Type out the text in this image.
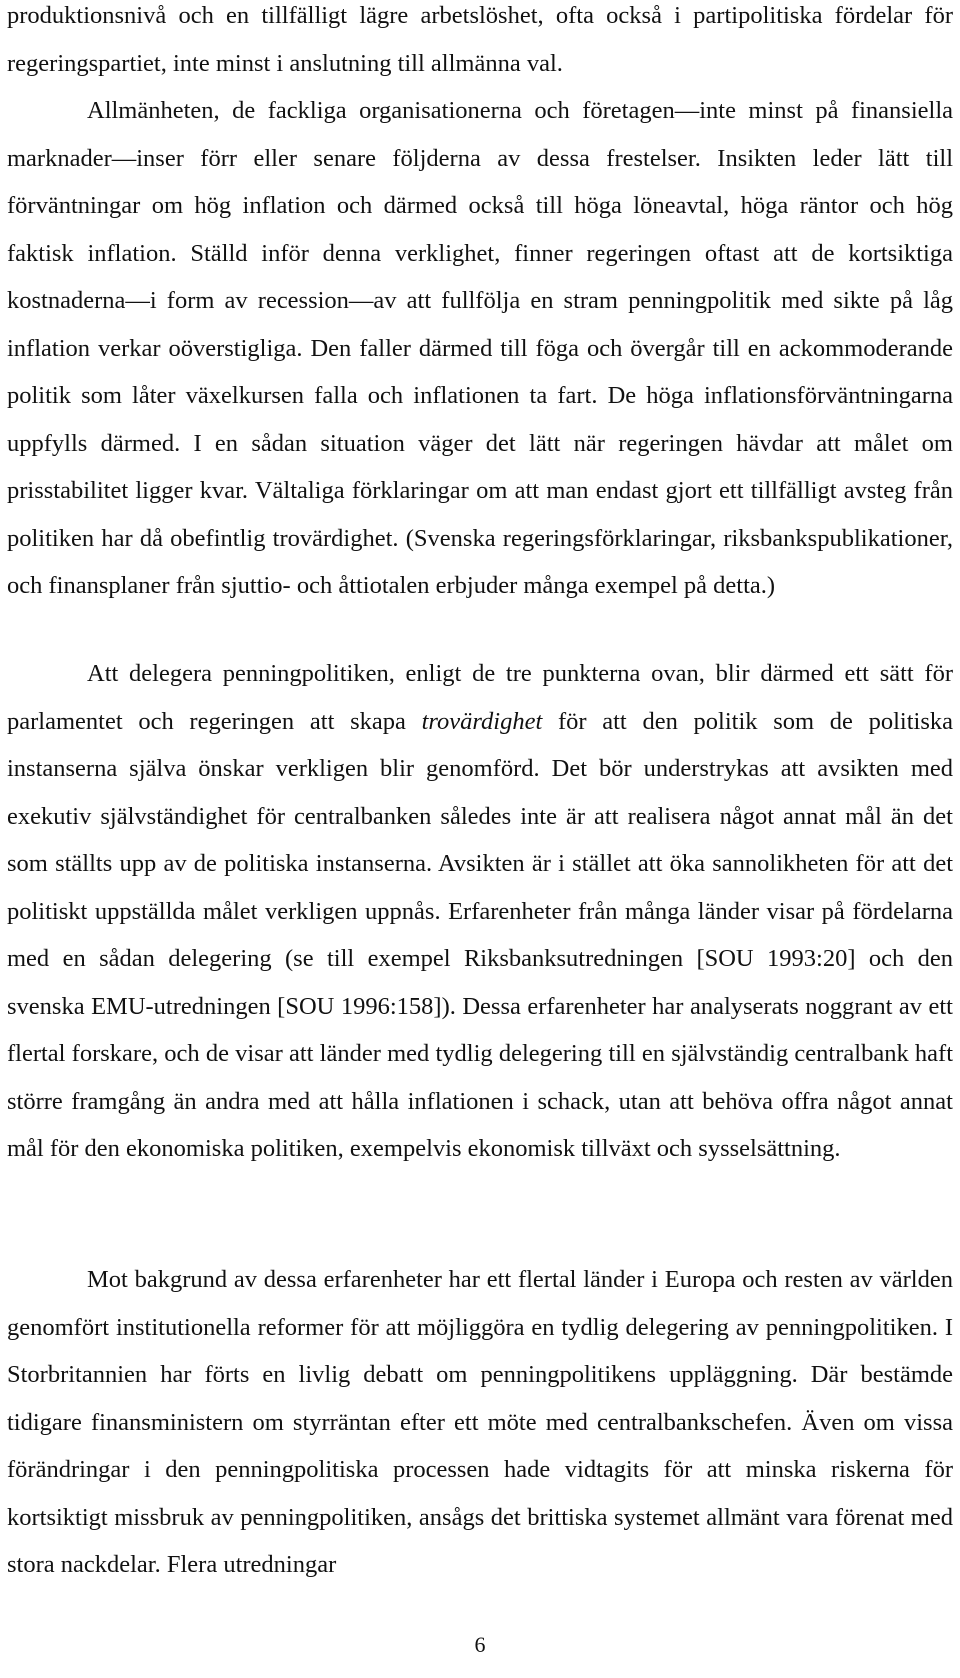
produktionsnivå och en tillfälligt lägre arbetslöshet, ofta också i partipolitiska fördelar för regeringspartiet, inte minst i anslutning till allmänna val.

Allmänheten, de fackliga organisationerna och företagen—inte minst på finansiella marknader—inser förr eller senare följderna av dessa frestelser. Insikten leder lätt till förväntningar om hög inflation och därmed också till höga löneavtal, höga räntor och hög faktisk inflation. Ställd inför denna verklighet, finner regeringen oftast att de kortsiktiga kostnaderna—i form av recession—av att fullfölja en stram penningpolitik med sikte på låg inflation verkar oöverstigliga. Den faller därmed till föga och övergår till en ackommoderande politik som låter växelkursen falla och inflationen ta fart. De höga inflationsförväntningarna uppfylls därmed. I en sådan situation väger det lätt när regeringen hävdar att målet om prisstabilitet ligger kvar. Vältaliga förklaringar om att man endast gjort ett tillfälligt avsteg från politiken har då obefintlig trovärdighet. (Svenska regeringsförklaringar, riksbankspublikationer, och finansplaner från sjuttio- och åttiotalen erbjuder många exempel på detta.)

Att delegera penningpolitiken, enligt de tre punkterna ovan, blir därmed ett sätt för parlamentet och regeringen att skapa trovärdighet för att den politik som de politiska instanserna själva önskar verkligen blir genomförd. Det bör understrykas att avsikten med exekutiv självständighet för centralbanken således inte är att realisera något annat mål än det som ställts upp av de politiska instanserna. Avsikten är i stället att öka sannolikheten för att det politiskt uppställda målet verkligen uppnås. Erfarenheter från många länder visar på fördelarna med en sådan delegering (se till exempel Riksbanksutredningen [SOU 1993:20] och den svenska EMU-utredningen [SOU 1996:158]). Dessa erfarenheter har analyserats noggrant av ett flertal forskare, och de visar att länder med tydlig delegering till en självständig centralbank haft större framgång än andra med att hålla inflationen i schack, utan att behöva offra något annat mål för den ekonomiska politiken, exempelvis ekonomisk tillväxt och sysselsättning.

Mot bakgrund av dessa erfarenheter har ett flertal länder i Europa och resten av världen genomfört institutionella reformer för att möjliggöra en tydlig delegering av penningpolitiken. I Storbritannien har förts en livlig debatt om penningpolitikens uppläggning. Där bestämde tidigare finansministern om styrräntan efter ett möte med centralbankschefen. Även om vissa förändringar i den penningpolitiska processen hade vidtagits för att minska riskerna för kortsiktigt missbruk av penningpolitiken, ansågs det brittiska systemet allmänt vara förenat med stora nackdelar. Flera utredningar

6
